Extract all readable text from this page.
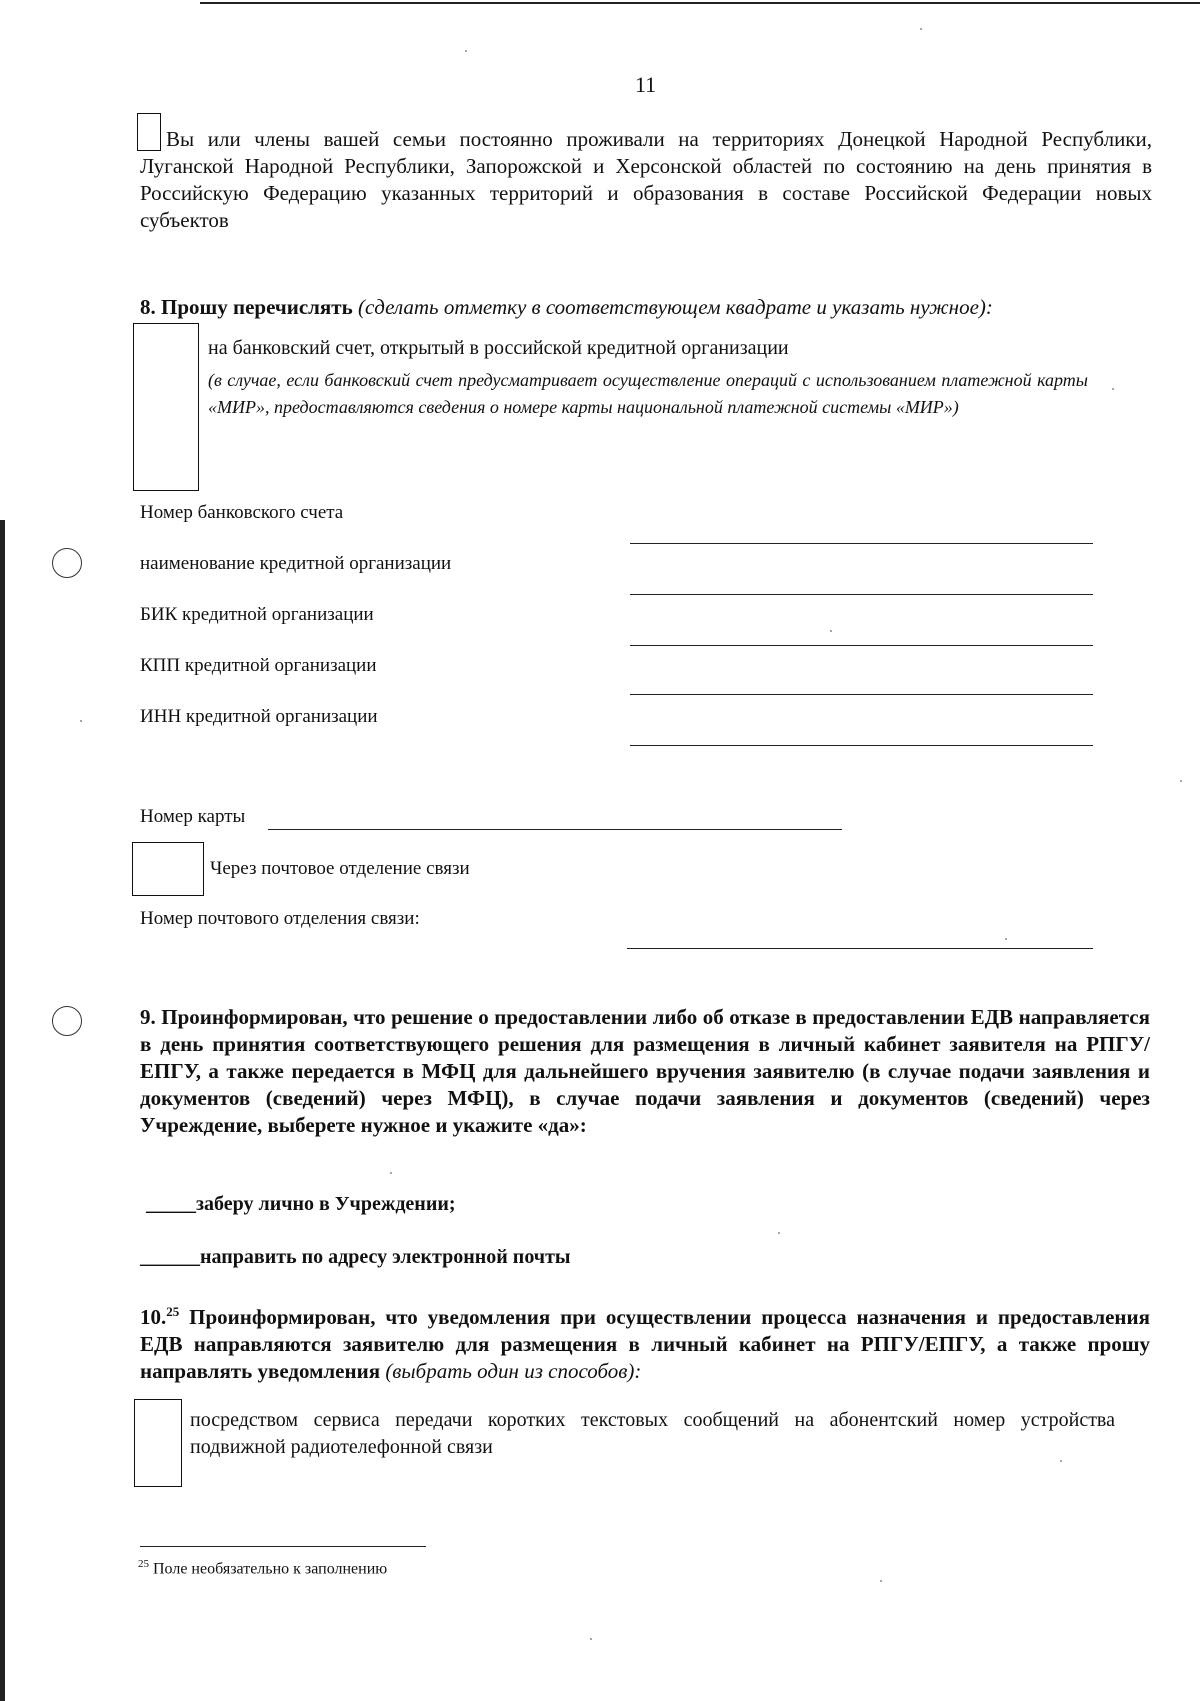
11
Вы или члены вашей семьи постоянно проживали на территориях Донецкой Народной Республики, Луганской Народной Республики, Запорожской и Херсонской областей по состоянию на день принятия в Российскую Федерацию указанных территорий и образования в составе Российской Федерации новых субъектов
8. Прошу перечислять (сделать отметку в соответствующем квадрате и указать нужное):
на банковский счет, открытый в российской кредитной организации
(в случае, если банковский счет предусматривает осуществление операций с использованием платежной карты «МИР», предоставляются сведения о номере карты национальной платежной системы «МИР»)
Номер банковского счета
наименование кредитной организации
БИК кредитной организации
КПП кредитной организации
ИНН кредитной организации
Номер карты
Через почтовое отделение связи
Номер почтового отделения связи:
9. Проинформирован, что решение о предоставлении либо об отказе в предоставлении ЕДВ направляется в день принятия соответствующего решения для размещения в личный кабинет заявителя на РПГУ/ЕПГУ, а также передается в МФЦ для дальнейшего вручения заявителю (в случае подачи заявления и документов (сведений) через МФЦ), в случае подачи заявления и документов (сведений) через Учреждение, выберете нужное и укажите «да»:
_____заберу лично в Учреждении;
______направить по адресу электронной почты
10.25 Проинформирован, что уведомления при осуществлении процесса назначения и предоставления ЕДВ направляются заявителю для размещения в личный кабинет на РПГУ/ЕПГУ, а также прошу направлять уведомления (выбрать один из способов):
посредством сервиса передачи коротких текстовых сообщений на абонентский номер устройства подвижной радиотелефонной связи
$^{25}$ Поле необязательно к заполнению
